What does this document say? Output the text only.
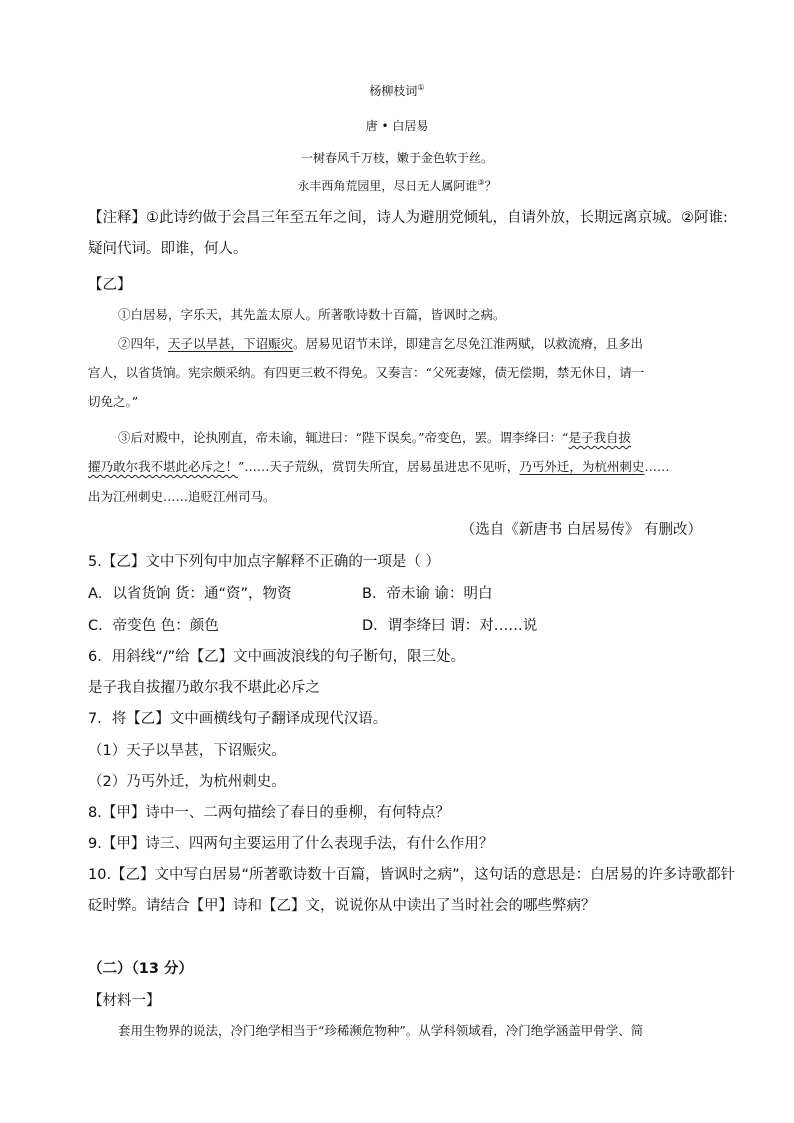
杨柳枝词①
唐 • 白居易
一树春风千万枝，嫩于金色软于丝。
永丰西角荒园里，尽日无人属阿谁③？
【注释】①此诗约做于会昌三年至五年之间，诗人为避朋党倾轧，自请外放，长期远离京城。②阿谁:
疑问代词。即谁，何人。
【乙】
①白居易，字乐天，其先盖太原人。所著歌诗数十百篇，皆讽时之病。
②四年，天子以旱甚，下诏赈灾。居易见诏节未详，即建言乞尽免江淮两赋，以救流瘠，且多出
宫人，以省货饷。宪宗颇采纳。有四更三敕不得免。又奏言：“父死妻嫁，债无偿期，禁无休日，请一
切免之。”
③后对殿中，论执刚直，帝未谕，辄进曰：“陛下误矣。”帝变色，罢。谓李绛曰：“是子我自拔
擢乃敢尔我不堪此必斥之！”……天子荒纵，赏罚失所宜，居易虽进忠不见听，乃丐外迁，为杭州刺史……
出为江州刺史……追贬江州司马。
（选自《新唐书 白居易传》 有删改）
5.【乙】文中下列句中加点字解释不正确的一项是（ ）
A．以省货饷 货：通“资”，物资	B．帝未谕 谕：明白
C．帝变色 色：颜色	D．谓李绛曰 谓：对……说
6．用斜线“/”给【乙】文中画波浪线的句子断句，限三处。
是子我自拔擢乃敢尔我不堪此必斥之
7．将【乙】文中画横线句子翻译成现代汉语。
（1）天子以旱甚，下诏赈灾。
（2）乃丐外迁，为杭州刺史。
8.【甲】诗中一、二两句描绘了春日的垂柳，有何特点？
9.【甲】诗三、四两句主要运用了什么表现手法，有什么作用？
10.【乙】文中写白居易“所著歌诗数十百篇，皆讽时之病”，这句话的意思是：白居易的许多诗歌都针
砭时弊。请结合【甲】诗和【乙】文，说说你从中读出了当时社会的哪些弊病？
（二）（13 分）
【材料一】
套用生物界的说法，冷门绝学相当于“珍稀濒危物种”。从学科领域看，冷门绝学涵盖甲骨学、简
